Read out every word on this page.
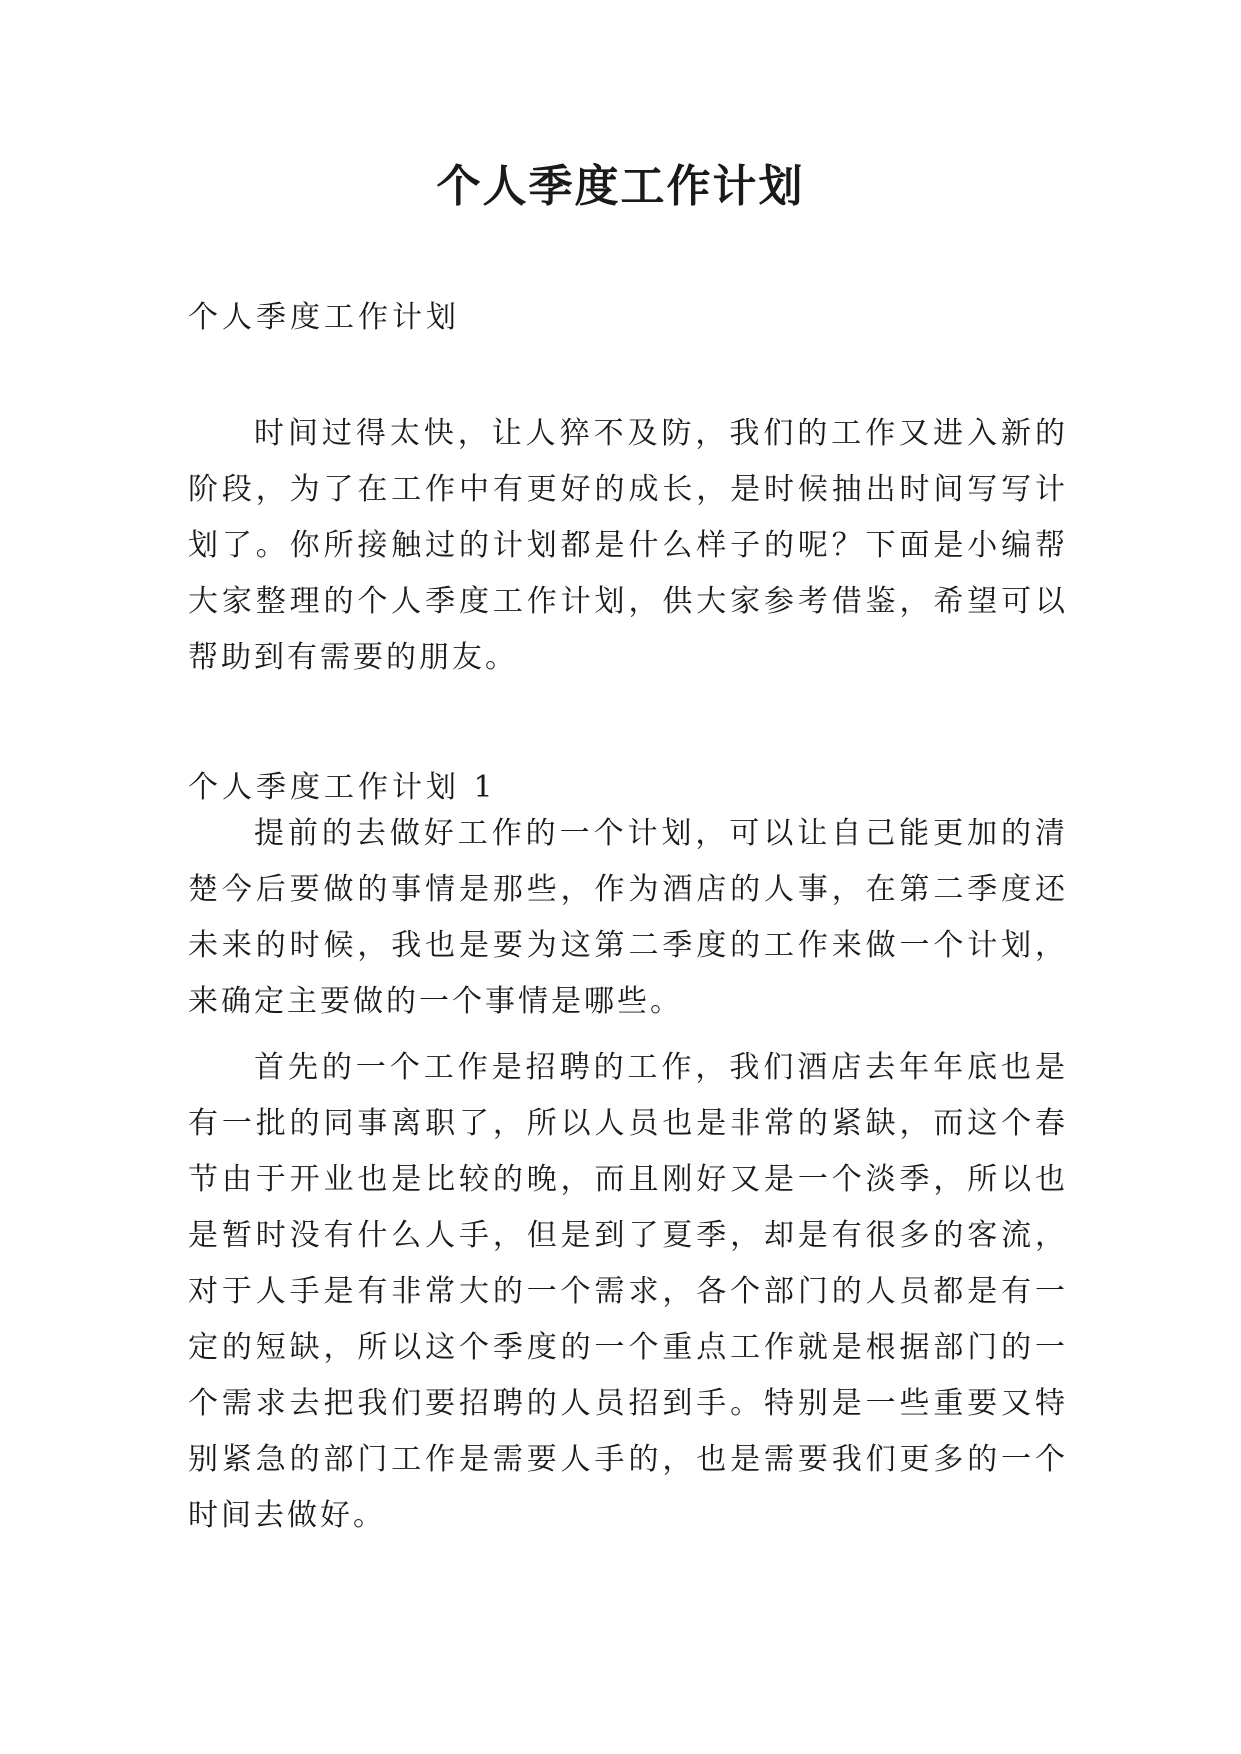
个人季度工作计划

个人季度工作计划

时间过得太快，让人猝不及防，我们的工作又进入新的阶段，为了在工作中有更好的成长，是时候抽出时间写写计划了。你所接触过的计划都是什么样子的呢？下面是小编帮大家整理的个人季度工作计划，供大家参考借鉴，希望可以帮助到有需要的朋友。

个人季度工作计划 1

提前的去做好工作的一个计划，可以让自己能更加的清楚今后要做的事情是那些，作为酒店的人事，在第二季度还未来的时候，我也是要为这第二季度的工作来做一个计划，来确定主要做的一个事情是哪些。

首先的一个工作是招聘的工作，我们酒店去年年底也是有一批的同事离职了，所以人员也是非常的紧缺，而这个春节由于开业也是比较的晚，而且刚好又是一个淡季，所以也是暂时没有什么人手，但是到了夏季，却是有很多的客流，对于人手是有非常大的一个需求，各个部门的人员都是有一定的短缺，所以这个季度的一个重点工作就是根据部门的一个需求去把我们要招聘的人员招到手。特别是一些重要又特别紧急的部门工作是需要人手的，也是需要我们更多的一个时间去做好。
